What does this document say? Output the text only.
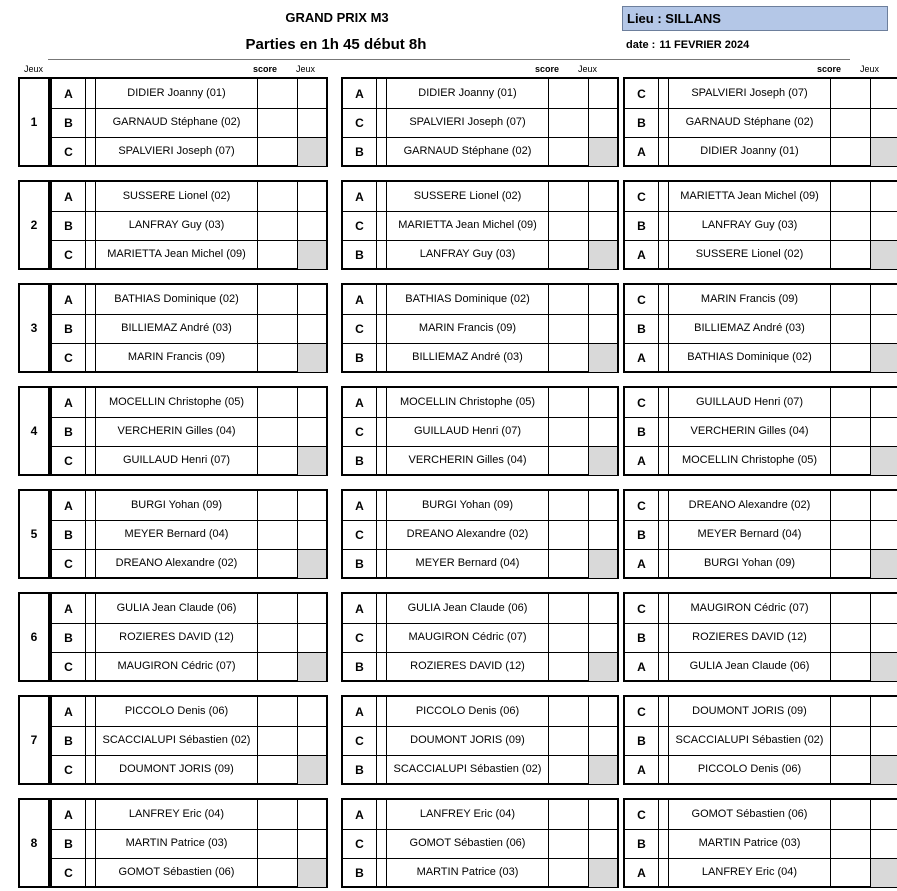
GRAND PRIX M3
Parties en 1h 45 début 8h
Lieu : SILLANS
date : 11 FEVRIER 2024
Jeux	score Jeux	score Jeux	score Jeux
1
A	DIDIER Joanny (01)
B	GARNAUD Stéphane (02)
C	SPALVIERI Joseph (07)
A	DIDIER Joanny (01)
C	SPALVIERI Joseph (07)
B	GARNAUD Stéphane (02)
C	SPALVIERI Joseph (07)
B	GARNAUD Stéphane (02)
A	DIDIER Joanny (01)
2
A	SUSSERE Lionel (02)
B	LANFRAY Guy (03)
C	MARIETTA Jean Michel (09)
A	SUSSERE Lionel (02)
C	MARIETTA Jean Michel (09)
B	LANFRAY Guy (03)
C	MARIETTA Jean Michel (09)
B	LANFRAY Guy (03)
A	SUSSERE Lionel (02)
3
A	BATHIAS Dominique (02)
B	BILLIEMAZ André (03)
C	MARIN Francis (09)
A	BATHIAS Dominique (02)
C	MARIN Francis (09)
B	BILLIEMAZ André (03)
C	MARIN Francis (09)
B	BILLIEMAZ André (03)
A	BATHIAS Dominique (02)
4
A	MOCELLIN Christophe (05)
B	VERCHERIN Gilles (04)
C	GUILLAUD Henri (07)
A	MOCELLIN Christophe (05)
C	GUILLAUD Henri (07)
B	VERCHERIN Gilles (04)
C	GUILLAUD Henri (07)
B	VERCHERIN Gilles (04)
A	MOCELLIN Christophe (05)
5
A	BURGI Yohan (09)
B	MEYER Bernard (04)
C	DREANO Alexandre (02)
A	BURGI Yohan (09)
C	DREANO Alexandre (02)
B	MEYER Bernard (04)
C	DREANO Alexandre (02)
B	MEYER Bernard (04)
A	BURGI Yohan (09)
6
A	GULIA Jean Claude (06)
B	ROZIERES DAVID (12)
C	MAUGIRON Cédric (07)
A	GULIA Jean Claude (06)
C	MAUGIRON Cédric (07)
B	ROZIERES DAVID (12)
C	MAUGIRON Cédric (07)
B	ROZIERES DAVID (12)
A	GULIA Jean Claude (06)
7
A	PICCOLO Denis (06)
B	SCACCIALUPI Sébastien (02)
C	DOUMONT JORIS (09)
A	PICCOLO Denis (06)
C	DOUMONT JORIS (09)
B	SCACCIALUPI Sébastien (02)
C	DOUMONT JORIS (09)
B	SCACCIALUPI Sébastien (02)
A	PICCOLO Denis (06)
8
A	LANFREY Eric (04)
B	MARTIN Patrice (03)
C	GOMOT Sébastien (06)
A	LANFREY Eric (04)
C	GOMOT Sébastien (06)
B	MARTIN Patrice (03)
C	GOMOT Sébastien (06)
B	MARTIN Patrice (03)
A	LANFREY Eric (04)
